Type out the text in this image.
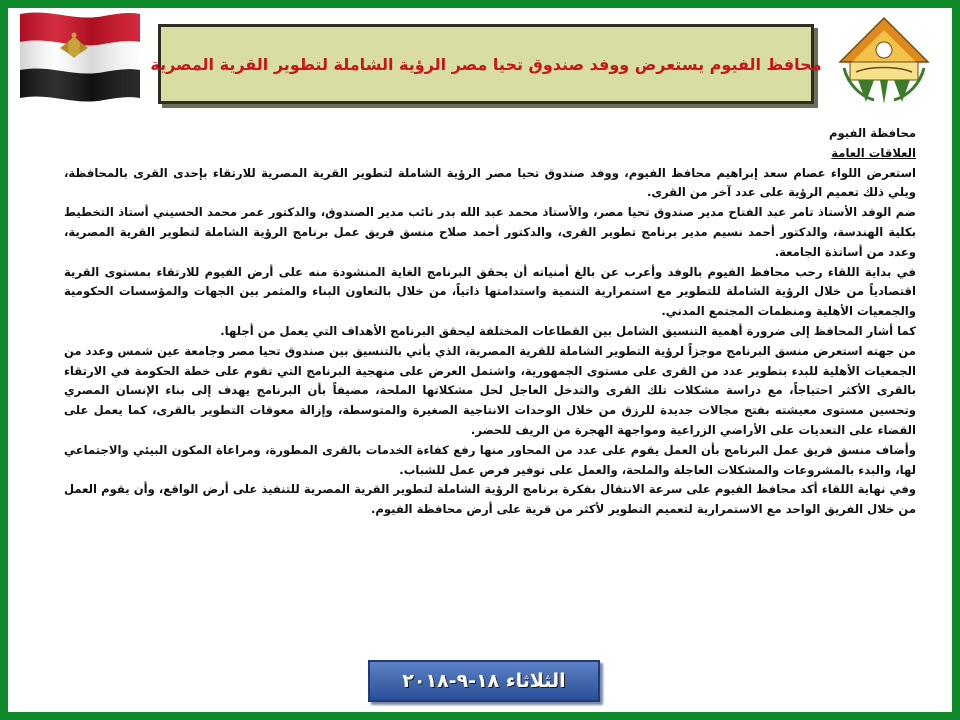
محافظ الفيوم يستعرض ووفد صندوق تحيا مصر الرؤية الشاملة لتطوير القرية المصرية

محافظة الفيوم

العلاقات العامة

استعرض اللواء عصام سعد إبراهيم محافظ الفيوم، ووفد صندوق تحيا مصر الرؤية الشاملة لتطوير القرية المصرية للارتقاء بإحدى القرى بالمحافظة، ويلي ذلك تعميم الرؤية على عدد آخر من القرى.

ضم الوفد الأستاذ تامر عبد الفتاح مدير صندوق تحيا مصر، والأستاذ محمد عبد الله بدر نائب مدير الصندوق، والدكتور عمر محمد الحسيني أستاذ التخطيط بكلية الهندسة، والدكتور أحمد نسيم مدير برنامج تطوير القرى، والدكتور أحمد صلاح منسق فريق عمل برنامج الرؤية الشاملة لتطوير القرية المصرية، وعدد من أساتذة الجامعة.

في بداية اللقاء رحب محافظ الفيوم بالوفد وأعرب عن بالغ أمنياته أن يحقق البرنامج الغاية المنشودة منه على أرض الفيوم للارتقاء بمستوى القرية اقتصادياً من خلال الرؤية الشاملة للتطوير مع استمرارية التنمية واستدامتها ذاتياً، من خلال بالتعاون البناء والمثمر بين الجهات والمؤسسات الحكومية والجمعيات الأهلية ومنظمات المجتمع المدني.

كما أشار المحافظ إلى ضرورة أهمية التنسيق الشامل بين القطاعات المختلفة ليحقق البرنامج الأهداف التي يعمل من أجلها.

من جهته استعرض منسق البرنامج موجزاً لرؤية التطوير الشاملة للقرية المصرية، الذي يأتي بالتنسيق بين صندوق تحيا مصر وجامعة عين شمس وعدد من الجمعيات الأهلية للبدء بتطوير عدد من القرى على مستوى الجمهورية، واشتمل العرض على منهجية البرنامج التي تقوم على خطة الحكومة في الارتقاء بالقرى الأكثر احتياجاً، مع دراسة مشكلات تلك القرى والتدخل العاجل لحل مشكلاتها الملحة، مضيفاً بأن البرنامج يهدف إلى بناء الإنسان المصري وتحسين مستوى معيشته بفتح مجالات جديدة للرزق من خلال الوحدات الانتاجية الصغيرة والمتوسطة، وإزالة معوقات التطوير بالقرى، كما يعمل على القضاء على التعديات على الأراضي الزراعية ومواجهة الهجرة من الريف للحضر.

وأضاف منسق فريق عمل البرنامج بأن العمل يقوم على عدد من المحاور منها رفع كفاءة الخدمات بالقرى المطورة، ومراعاة المكون البيئي والاجتماعي لها، والبدء بالمشروعات والمشكلات العاجلة والملحة، والعمل على توفير فرص عمل للشباب.

وفي نهاية اللقاء أكد محافظ الفيوم على سرعة الانتقال بفكرة برنامج الرؤية الشاملة لتطوير القرية المصرية للتنفيذ على أرض الواقع، وأن يقوم العمل من خلال الفريق الواحد مع الاستمرارية لتعميم التطوير لأكثر من قرية على أرض محافظة الفيوم.

الثلاثاء ١٨-٩-٢٠١٨
